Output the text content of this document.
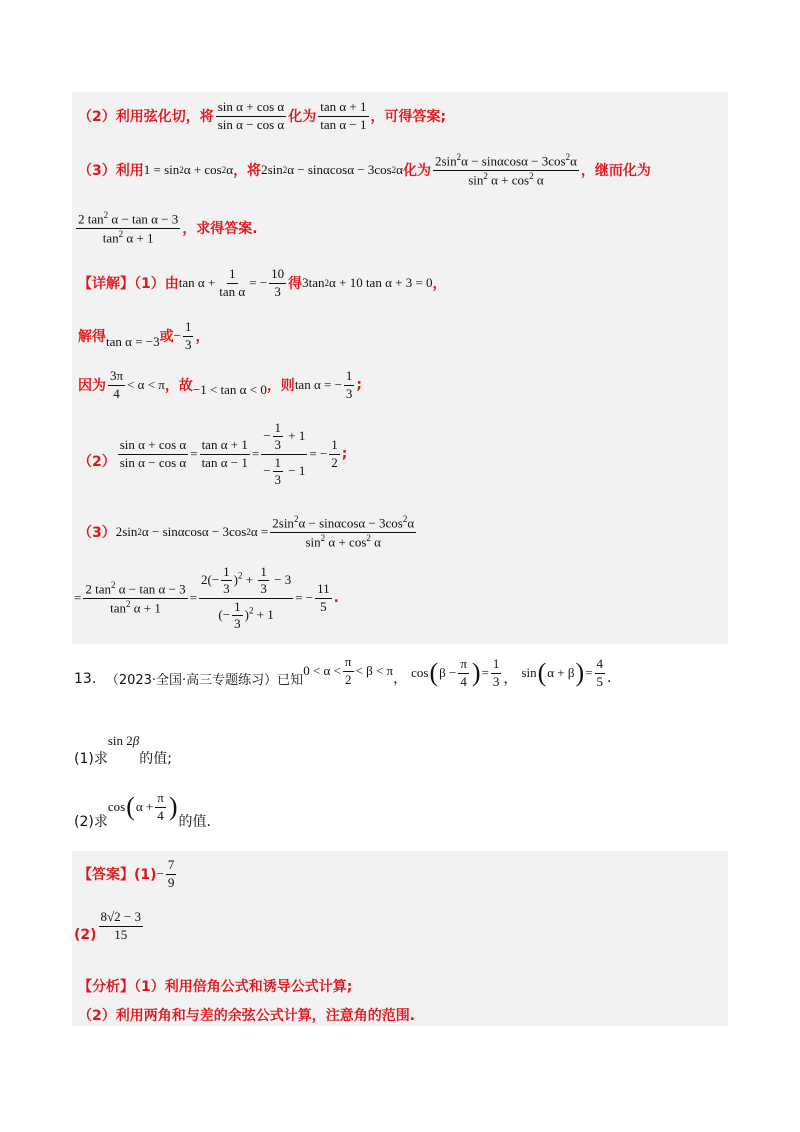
（2）利用弦化切，将 $\frac{\text{sin α + cos α}}{\text{sin α − cos α}}$ 化为 $\frac{\text{tan α + 1}}{\text{tan α − 1}}$ ，可得答案;
（3）利用 1 = sin 2 α + cos 2 α ，将 2sin 2 α − sinαcosα − 3cos 2 α 化为 $\frac{2\sin^2\alpha - \sin\alpha\cos\alpha - 3\cos^2\alpha}{\sin^2 \alpha + \cos^2 \alpha}$ ，继而化为
$\frac{2 \tan^2 \alpha - \tan \alpha - 3}{\tan^2 \alpha + 1}$ ，求得答案.
【详解】（1）由 $\tan \alpha + \frac{1}{\text{tan α}}$ = − $\frac{10}{3}$ 得 3tan 2 α + 10 tan α + 3 = 0 ，
解得 tan α = −3 或 − $\frac{1}{3}$ ，
因为 $\frac{3\pi}{4} < \alpha < \pi$ ，故 −1 < tan α < 0 ，则 tan α = − $\frac{1}{3}$ ;
$(2) \frac{\text{sin α + cos α}}{\text{sin α − cos α}} = \frac{\text{tan α + 1}}{\text{tan α − 1}} = \frac{- \frac{1}{3} + 1}{- \frac{1}{3} - 1}$ = − $\frac{1}{2}$ ;
（3） 2sin 2 α − sinαcosα − 3cos 2 $\alpha = \frac{2\sin^2\alpha - \sin\alpha\cos\alpha - 3\cos^2\alpha}{\sin^2 \alpha + \cos^2 \alpha}$
= $\frac{2 \tan^2 \alpha - \tan \alpha - 3}{\tan^2 \alpha + 1} = \frac{2(- \frac{1}{3} )^2 + \frac{1}{3} - 3}{(- \frac{1}{3} )^2 + 1}$ = − $\frac{11}{5}$ .
13． （2023·全国·高三专题练习）已知
$0 < \alpha < \frac{\pi}{2} < \beta < \pi$
， cos ( $\beta - \frac{\pi}{4}$ ) = $\frac{1}{3}$ ， sin ( α + β ) = $\frac{4}{5}$ .
(1)求
sin 2 β
的值;
(2)求
cos ( $\alpha + \frac{\pi}{4}$ )
的值.
【答案】$(1) - \frac{7}{9}$
$(2) \frac{8√2 - 3}{15}$
【分析】（1）利用倍角公式和诱导公式计算;
（2）利用两角和与差的余弦公式计算，注意角的范围.
